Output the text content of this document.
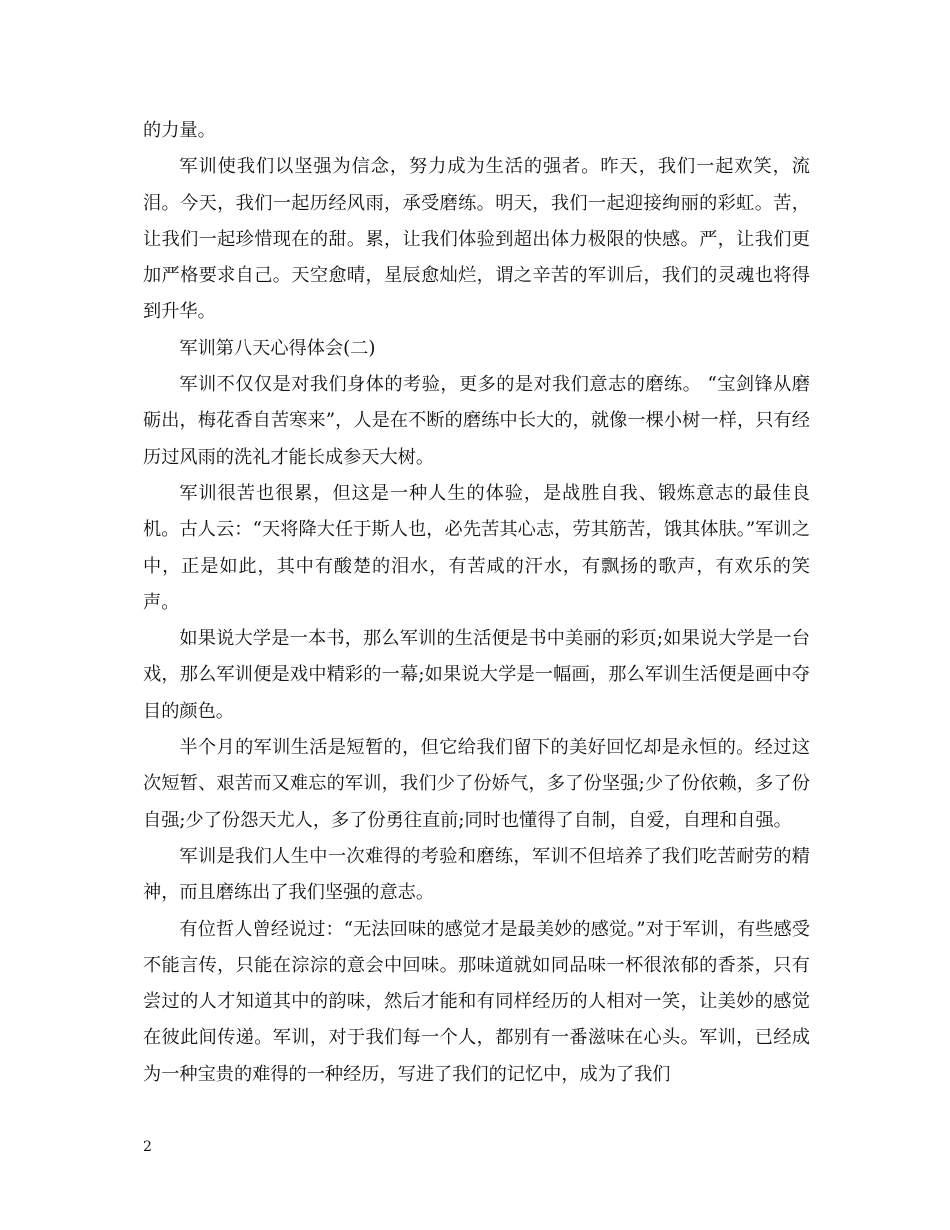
的力量。

军训使我们以坚强为信念，努力成为生活的强者。昨天，我们一起欢笑，流泪。今天，我们一起历经风雨，承受磨练。明天，我们一起迎接绚丽的彩虹。苦，让我们一起珍惜现在的甜。累，让我们体验到超出体力极限的快感。严，让我们更加严格要求自己。天空愈晴，星辰愈灿烂，谓之辛苦的军训后，我们的灵魂也将得到升华。

军训第八天心得体会(二)

军训不仅仅是对我们身体的考验，更多的是对我们意志的磨练。 “宝剑锋从磨砺出，梅花香自苦寒来”，人是在不断的磨练中长大的，就像一棵小树一样，只有经历过风雨的洗礼才能长成参天大树。

军训很苦也很累，但这是一种人生的体验，是战胜自我、锻炼意志的最佳良机。古人云：“天将降大任于斯人也，必先苦其心志，劳其筋苦，饿其体肤。”军训之中，正是如此，其中有酸楚的泪水，有苦咸的汗水，有飘扬的歌声，有欢乐的笑声。

如果说大学是一本书，那么军训的生活便是书中美丽的彩页;如果说大学是一台戏，那么军训便是戏中精彩的一幕;如果说大学是一幅画，那么军训生活便是画中夺目的颜色。

半个月的军训生活是短暂的，但它给我们留下的美好回忆却是永恒的。经过这次短暂、艰苦而又难忘的军训，我们少了份娇气，多了份坚强;少了份依赖，多了份自强;少了份怨天尤人，多了份勇往直前;同时也懂得了自制，自爱，自理和自强。

军训是我们人生中一次难得的考验和磨练，军训不但培养了我们吃苦耐劳的精神，而且磨练出了我们坚强的意志。

有位哲人曾经说过：“无法回味的感觉才是最美妙的感觉。”对于军训，有些感受不能言传，只能在淙淙的意会中回味。那味道就如同品味一杯很浓郁的香茶，只有尝过的人才知道其中的韵味，然后才能和有同样经历的人相对一笑，让美妙的感觉在彼此间传递。军训，对于我们每一个人，都别有一番滋味在心头。军训，已经成为一种宝贵的难得的一种经历，写进了我们的记忆中，成为了我们

2
